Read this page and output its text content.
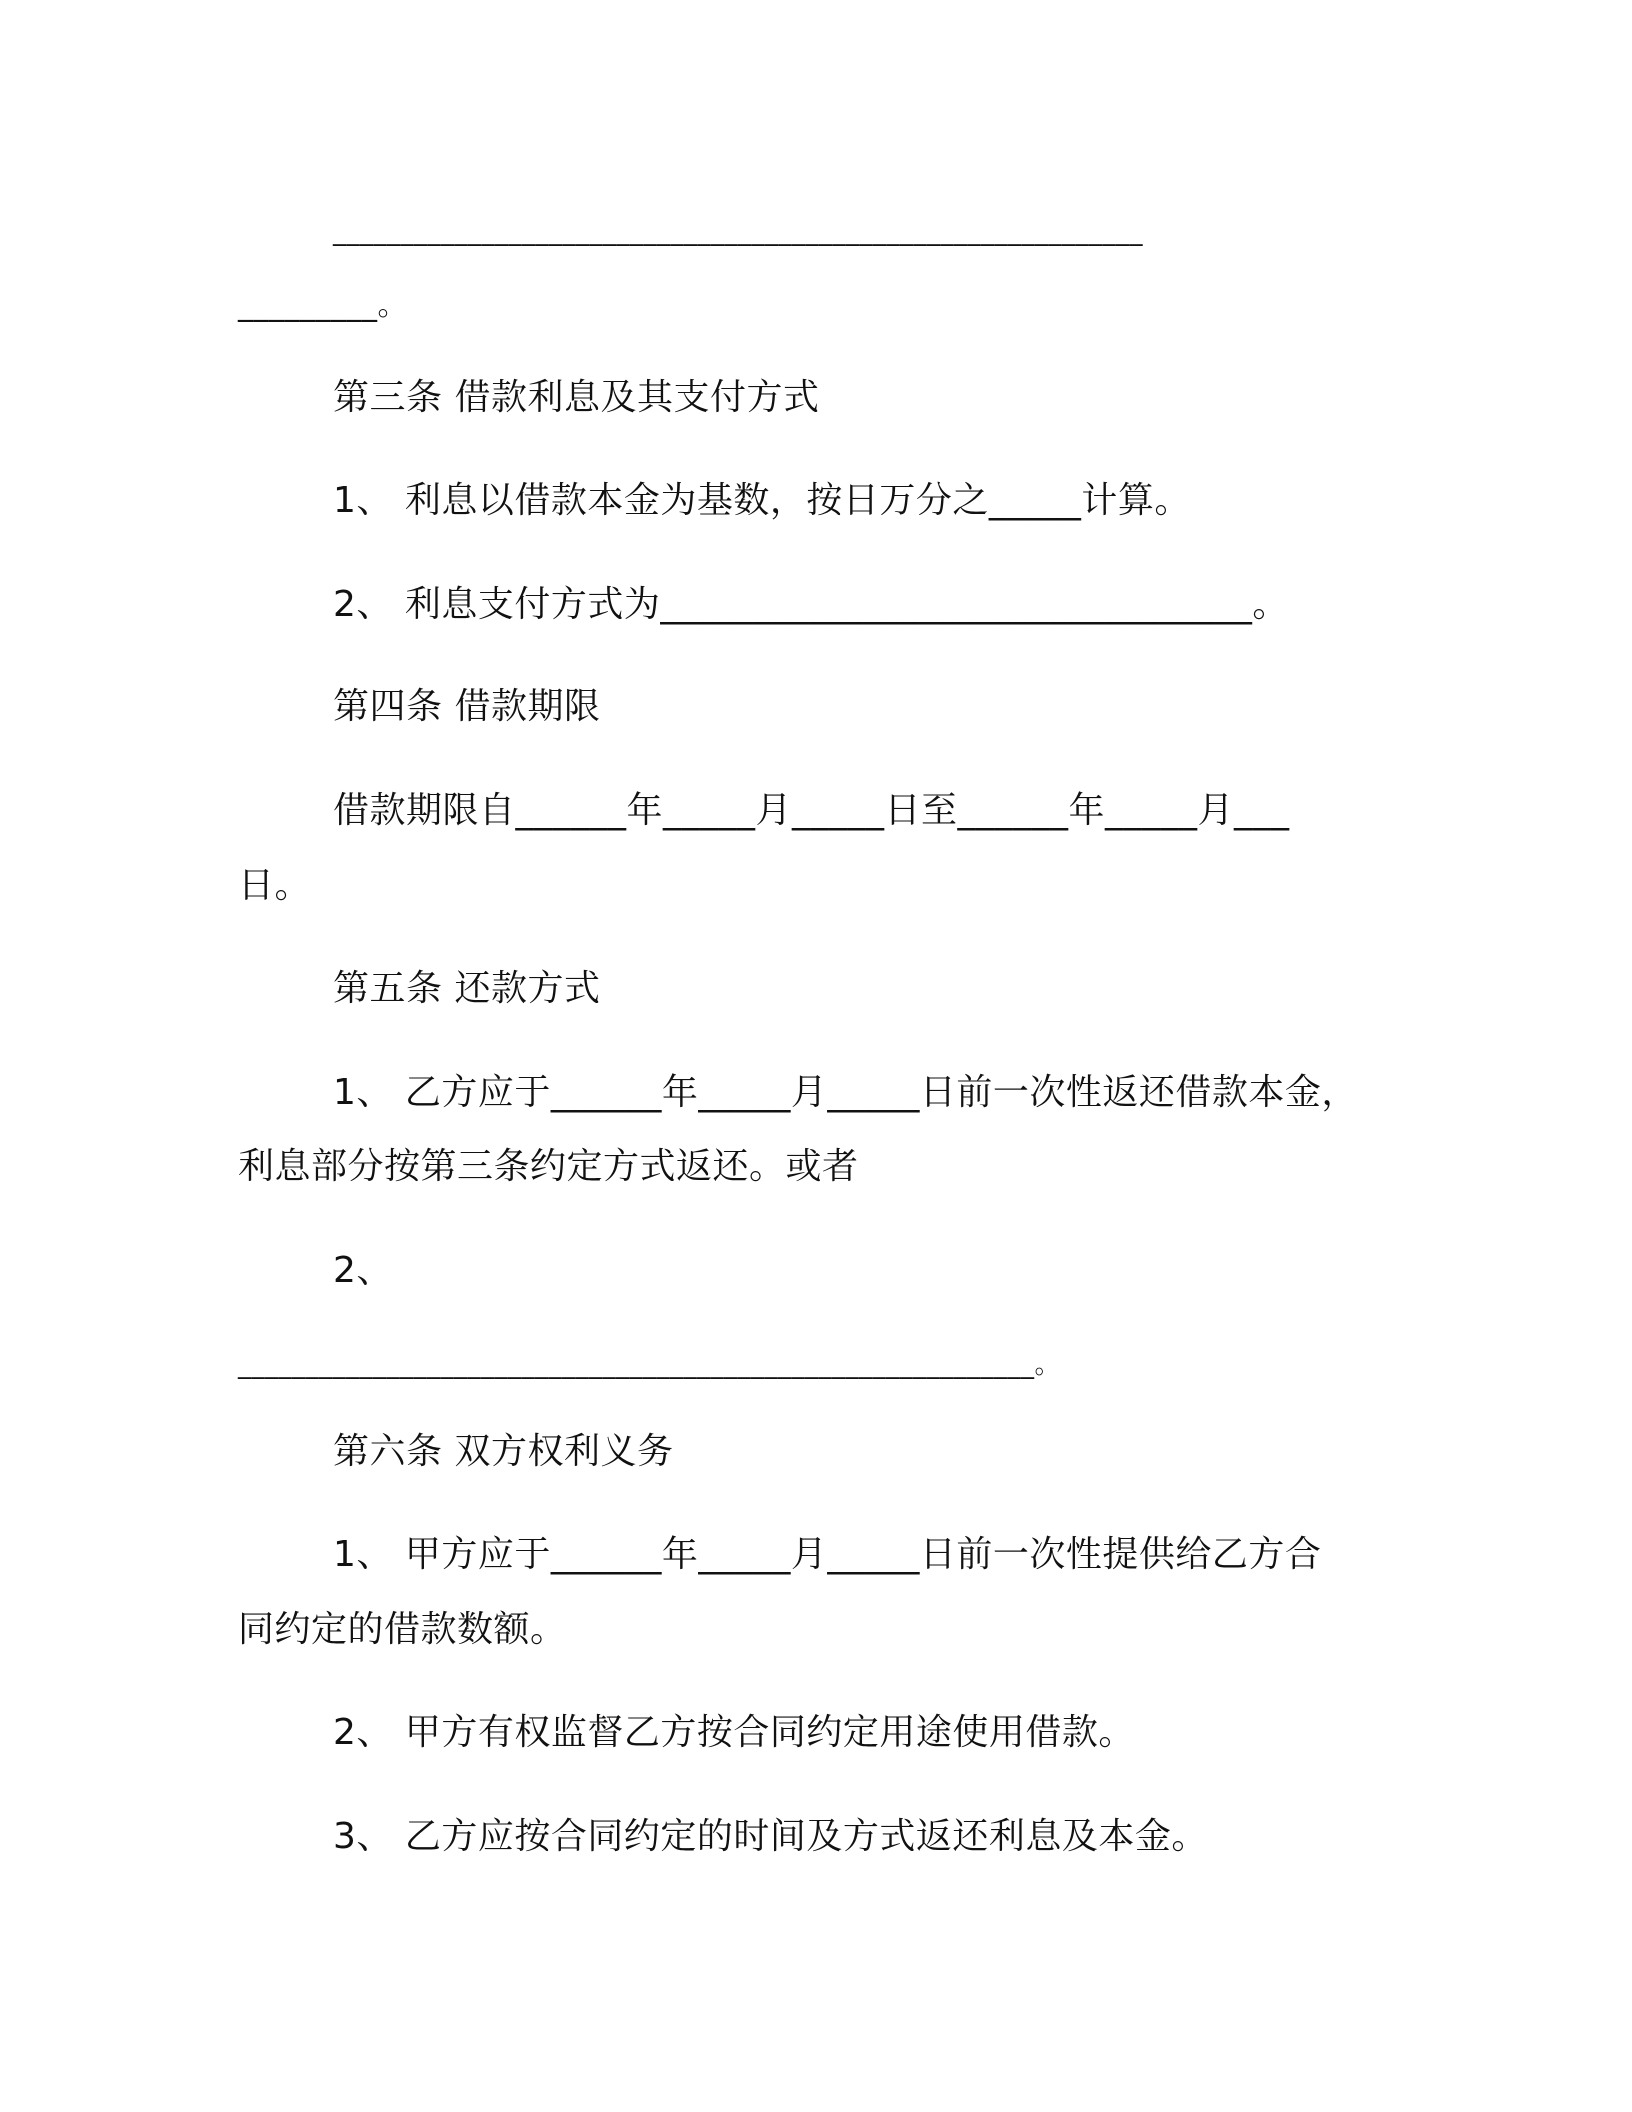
____________________________________________________________
_________。
第三条 借款利息及其支付方式
1、 利息以借款本金为基数，按日万分之_____计算。
2、 利息支付方式为________________________________。
第四条 借款期限
借款期限自______年_____月_____日至______年_____月___
日。
第五条 还款方式
1、 乙方应于______年_____月_____日前一次性返还借款本金，
利息部分按第三条约定方式返还。或者
2、
___________________________________________________________。
第六条 双方权利义务
1、 甲方应于______年_____月_____日前一次性提供给乙方合
同约定的借款数额。
2、 甲方有权监督乙方按合同约定用途使用借款。
3、 乙方应按合同约定的时间及方式返还利息及本金。
